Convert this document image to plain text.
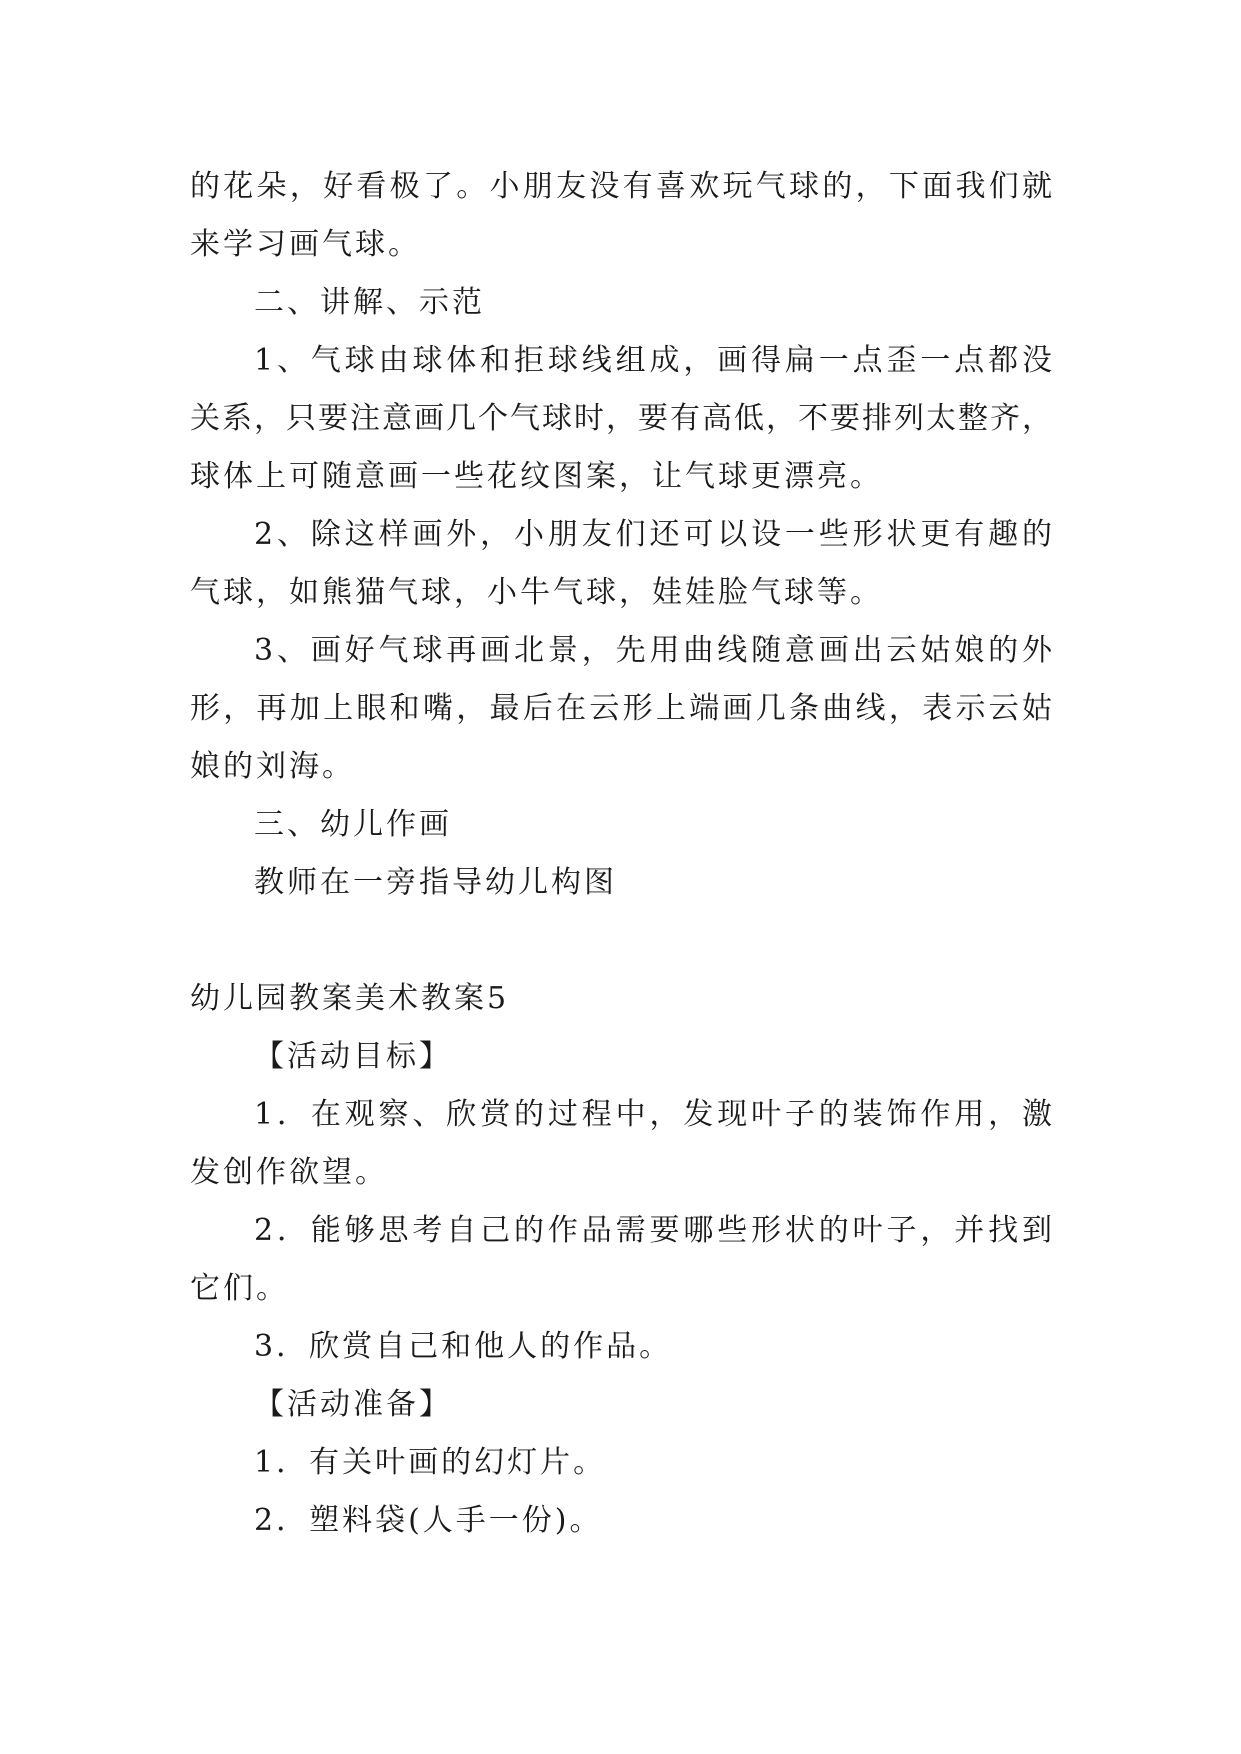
的花朵，好看极了。小朋友没有喜欢玩气球的，下面我们就
来学习画气球。
二、讲解、示范
1、气球由球体和拒球线组成，画得扁一点歪一点都没
关系，只要注意画几个气球时，要有高低，不要排列太整齐，
球体上可随意画一些花纹图案，让气球更漂亮。
2、除这样画外，小朋友们还可以设一些形状更有趣的
气球，如熊猫气球，小牛气球，娃娃脸气球等。
3、画好气球再画北景，先用曲线随意画出云姑娘的外
形，再加上眼和嘴，最后在云形上端画几条曲线，表示云姑
娘的刘海。
三、幼儿作画
教师在一旁指导幼儿构图
幼儿园教案美术教案5
【活动目标】
1．在观察、欣赏的过程中，发现叶子的装饰作用，激
发创作欲望。
2．能够思考自己的作品需要哪些形状的叶子，并找到
它们。
3．欣赏自己和他人的作品。
【活动准备】
1．有关叶画的幻灯片。
2．塑料袋(人手一份)。
